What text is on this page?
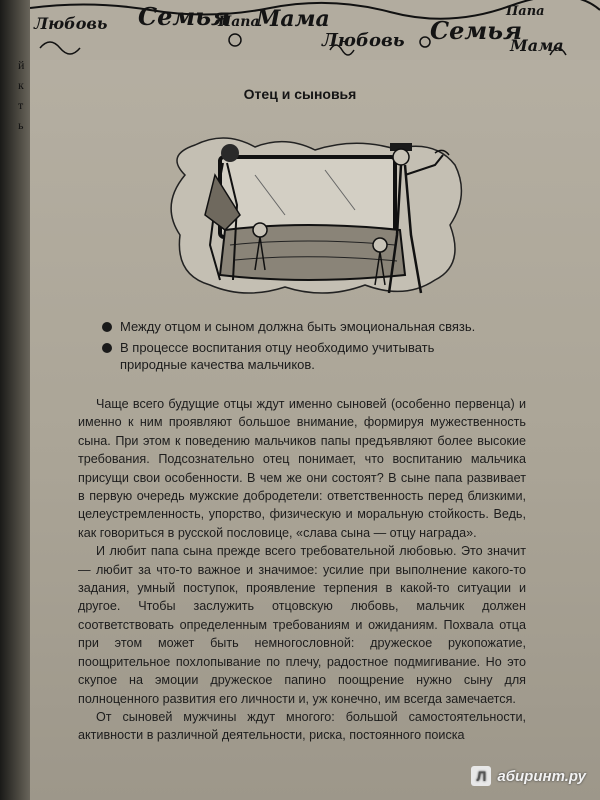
й
к
т
ь
Любовь Семья
Папа
Мама
Любовь Семья
Папа
Мама
Отец и сыновья
Между отцом и сыном должна быть эмоциональная связь.
В процессе воспитания отцу необходимо учитывать природные качества мальчиков.

Чаще всего будущие отцы ждут именно сыновей (особенно первенца) и именно к ним проявляют большое внимание, формируя мужественность сына. При этом к поведению мальчиков папы предъявляют более высокие требования. Подсознательно отец понимает, что воспитанию мальчика присущи свои особенности. В чем же они состоят? В сыне папа развивает в первую очередь мужские добродетели: ответственность перед близкими, целеустремленность, упорство, физическую и моральную стойкость. Ведь, как говориться в русской пословице, «слава сына — отцу награда».

И любит папа сына прежде всего требовательной любовью. Это значит — любит за что-то важное и значимое: усилие при выполнение какого-то задания, умный поступок, проявление терпения в какой-то ситуации и другое. Чтобы заслужить отцовскую любовь, мальчик должен соответствовать определенным требованиям и ожиданиям. Похвала отца при этом может быть немногословной: дружеское рукопожатие, поощрительное похлопывание по плечу, радостное подмигивание. Но это скупое на эмоции дружеское папино поощрение нужно сыну для полноценного развития его личности и, уж конечно, им всегда замечается.

От сыновей мужчины ждут многого: большой самостоятельности, активности в различной деятельности, риска, постоянного поиска

Л абиринт.ру
